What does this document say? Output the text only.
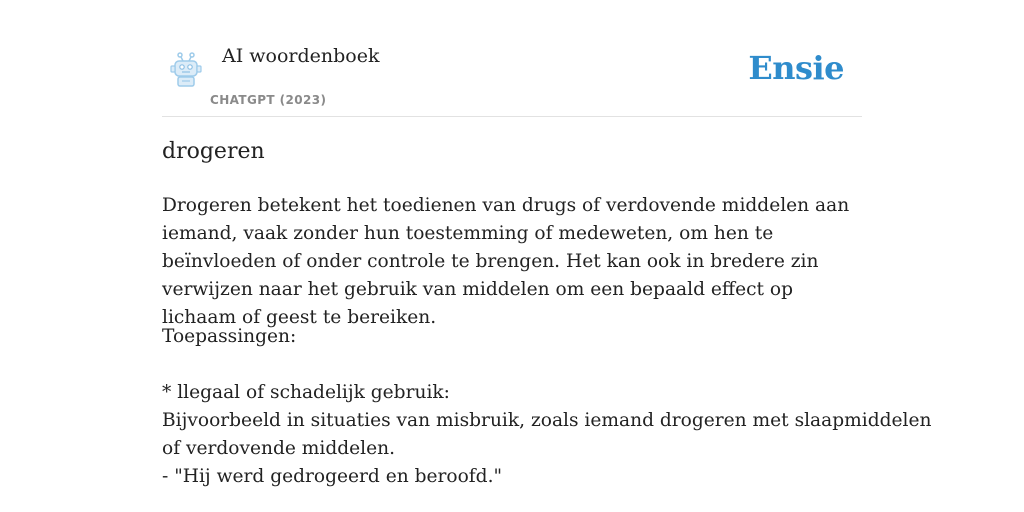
AI woordenboek
CHATGPT (2023)
Ensie
drogeren

Drogeren betekent het toedienen van drugs of verdovende middelen aan iemand, vaak zonder hun toestemming of medeweten, om hen te beïnvloeden of onder controle te brengen. Het kan ook in bredere zin verwijzen naar het gebruik van middelen om een bepaald effect op lichaam of geest te bereiken.

Toepassingen:
* llegaal of schadelijk gebruik:
Bijvoorbeeld in situaties van misbruik, zoals iemand drogeren met slaapmiddelen
of verdovende middelen.
- "Hij werd gedrogeerd en beroofd."
